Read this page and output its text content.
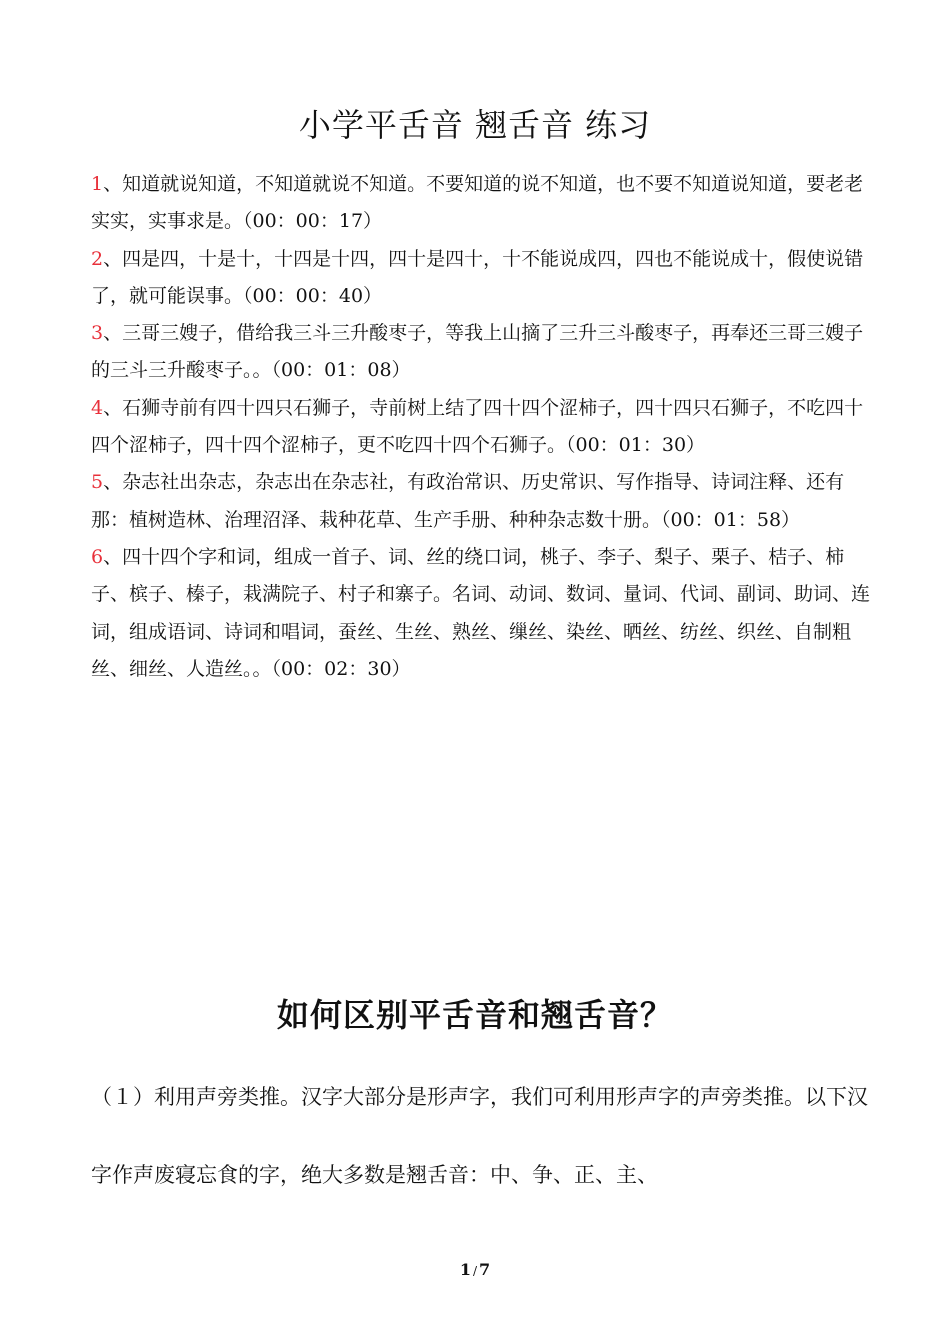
小学平舌音 翘舌音 练习

1、知道就说知道，不知道就说不知道。不要知道的说不知道，也不要不知道说知道，要老老实实，实事求是。（00：00：17）

2、四是四，十是十，十四是十四，四十是四十，十不能说成四，四也不能说成十，假使说错了，就可能误事。（00：00：40）

3、三哥三嫂子，借给我三斗三升酸枣子，等我上山摘了三升三斗酸枣子，再奉还三哥三嫂子的三斗三升酸枣子。。（00：01：08）

4、石狮寺前有四十四只石狮子，寺前树上结了四十四个涩柿子，四十四只石狮子，不吃四十四个涩柿子，四十四个涩柿子，更不吃四十四个石狮子。（00：01：30）

5、杂志社出杂志，杂志出在杂志社，有政治常识、历史常识、写作指导、诗词注释、还有那：植树造林、治理沼泽、栽种花草、生产手册、种种杂志数十册。（00：01：58）

6、四十四个字和词，组成一首子、词、丝的绕口词，桃子、李子、梨子、栗子、桔子、柿子、槟子、榛子，栽满院子、村子和寨子。名词、动词、数词、量词、代词、副词、助词、连词，组成语词、诗词和唱词，蚕丝、生丝、熟丝、缫丝、染丝、晒丝、纺丝、织丝、自制粗丝、细丝、人造丝。。（00：02：30）

如何区别平舌音和翘舌音？

（１）利用声旁类推。汉字大部分是形声字，我们可利用形声字的声旁类推。以下汉字作声废寝忘食的字，绝大多数是翘舌音：中、争、正、主、

1 / 7
